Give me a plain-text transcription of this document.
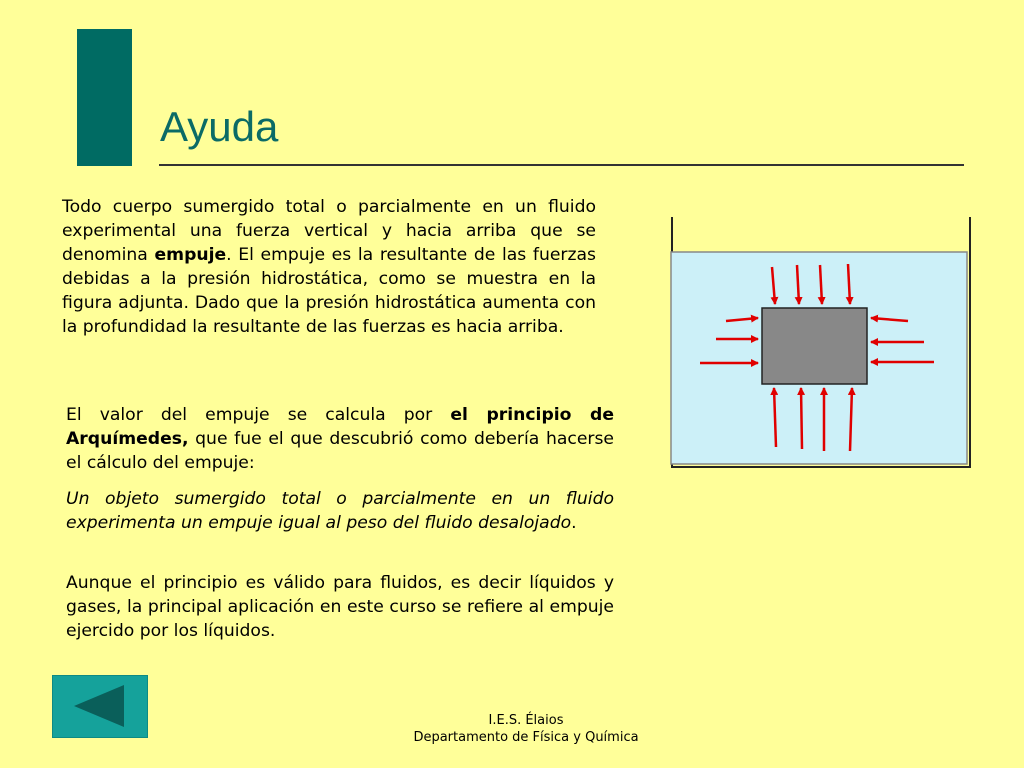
Ayuda
Todo cuerpo sumergido total o parcialmente en un fluido experimental una fuerza vertical y hacia arriba que se denomina empuje. El empuje es la resultante de las fuerzas debidas a la presión hidrostática, como se muestra en la figura adjunta. Dado que la presión hidrostática aumenta con la profundidad la resultante de las fuerzas es hacia arriba.
El valor del empuje se calcula por el principio de Arquímedes, que fue el que descubrió como debería hacerse el cálculo del empuje:
Un objeto sumergido total o parcialmente en un fluido experimenta un empuje igual al peso del fluido desalojado.
Aunque el principio es válido para fluidos, es decir líquidos y gases, la principal aplicación en este curso se refiere al empuje ejercido por los líquidos.
I.E.S. Élaios
Departamento de Física y Química
